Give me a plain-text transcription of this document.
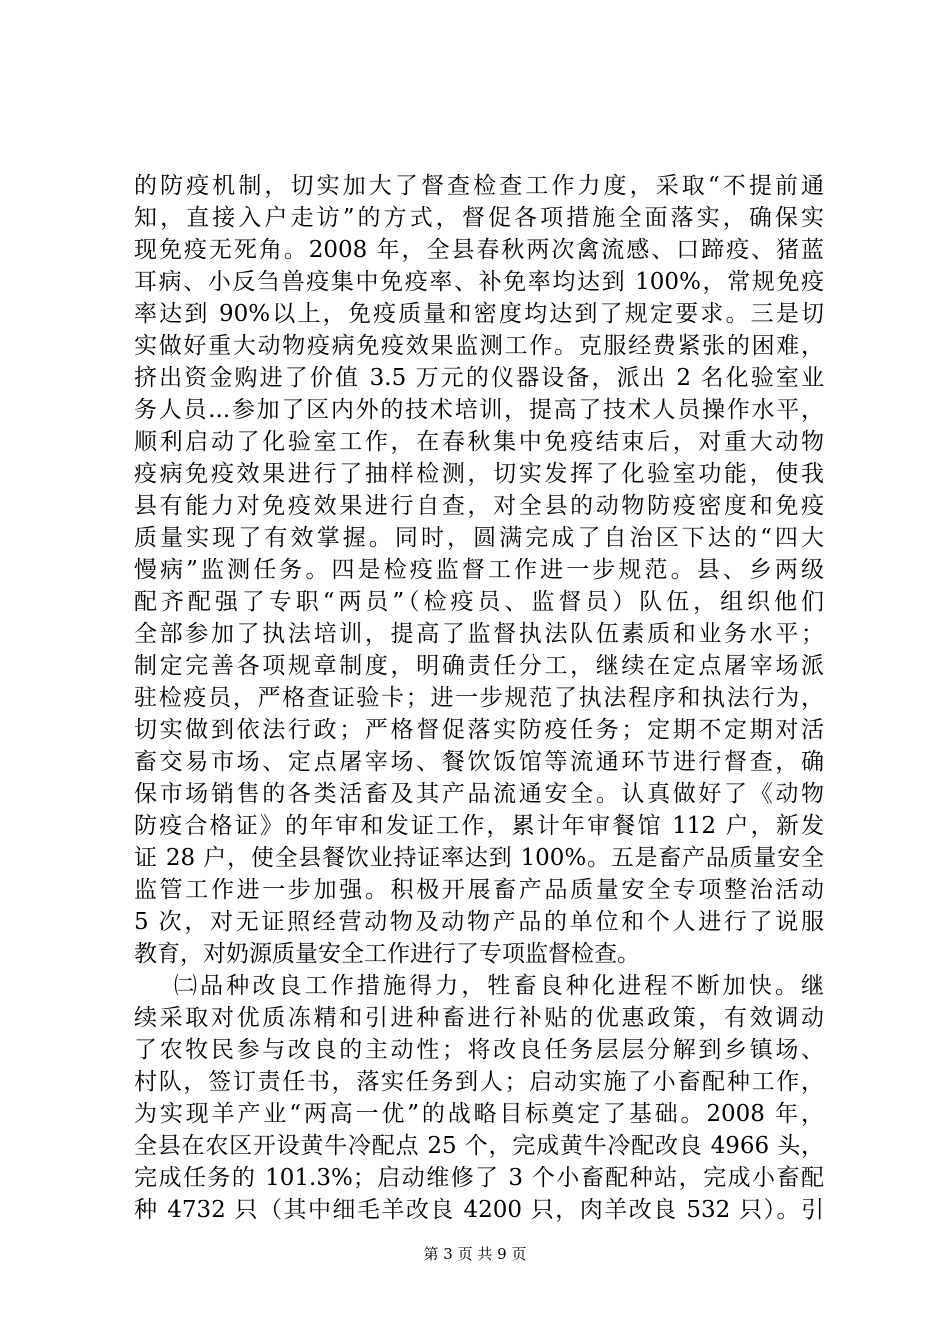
的防疫机制，切实加大了督查检查工作力度，采取“不提前通
知，直接入户走访”的方式，督促各项措施全面落实，确保实
现免疫无死角。2008 年，全县春秋两次禽流感、口蹄疫、猪蓝
耳病、小反刍兽疫集中免疫率、补免率均达到 100%，常规免疫
率达到 90%以上，免疫质量和密度均达到了规定要求。三是切
实做好重大动物疫病免疫效果监测工作。克服经费紧张的困难，
挤出资金购进了价值 3.5 万元的仪器设备，派出 2 名化验室业
务人员...参加了区内外的技术培训，提高了技术人员操作水平，
顺利启动了化验室工作，在春秋集中免疫结束后，对重大动物
疫病免疫效果进行了抽样检测，切实发挥了化验室功能，使我
县有能力对免疫效果进行自查，对全县的动物防疫密度和免疫
质量实现了有效掌握。同时，圆满完成了自治区下达的“四大
慢病”监测任务。四是检疫监督工作进一步规范。县、乡两级
配齐配强了专职“两员”（检疫员、监督员）队伍，组织他们
全部参加了执法培训，提高了监督执法队伍素质和业务水平；
制定完善各项规章制度，明确责任分工，继续在定点屠宰场派
驻检疫员，严格查证验卡；进一步规范了执法程序和执法行为，
切实做到依法行政；严格督促落实防疫任务；定期不定期对活
畜交易市场、定点屠宰场、餐饮饭馆等流通环节进行督查，确
保市场销售的各类活畜及其产品流通安全。认真做好了《动物
防疫合格证》的年审和发证工作，累计年审餐馆 112 户，新发
证 28 户，使全县餐饮业持证率达到 100%。五是畜产品质量安全
监管工作进一步加强。积极开展畜产品质量安全专项整治活动
5 次，对无证照经营动物及动物产品的单位和个人进行了说服
教育，对奶源质量安全工作进行了专项监督检查。
㈡品种改良工作措施得力，牲畜良种化进程不断加快。继
续采取对优质冻精和引进种畜进行补贴的优惠政策，有效调动
了农牧民参与改良的主动性；将改良任务层层分解到乡镇场、
村队，签订责任书，落实任务到人；启动实施了小畜配种工作，
为实现羊产业“两高一优”的战略目标奠定了基础。2008 年，
全县在农区开设黄牛冷配点 25 个，完成黄牛冷配改良 4966 头，
完成任务的 101.3%；启动维修了 3 个小畜配种站，完成小畜配
种 4732 只（其中细毛羊改良 4200 只，肉羊改良 532 只）。引
第 3 页 共 9 页
